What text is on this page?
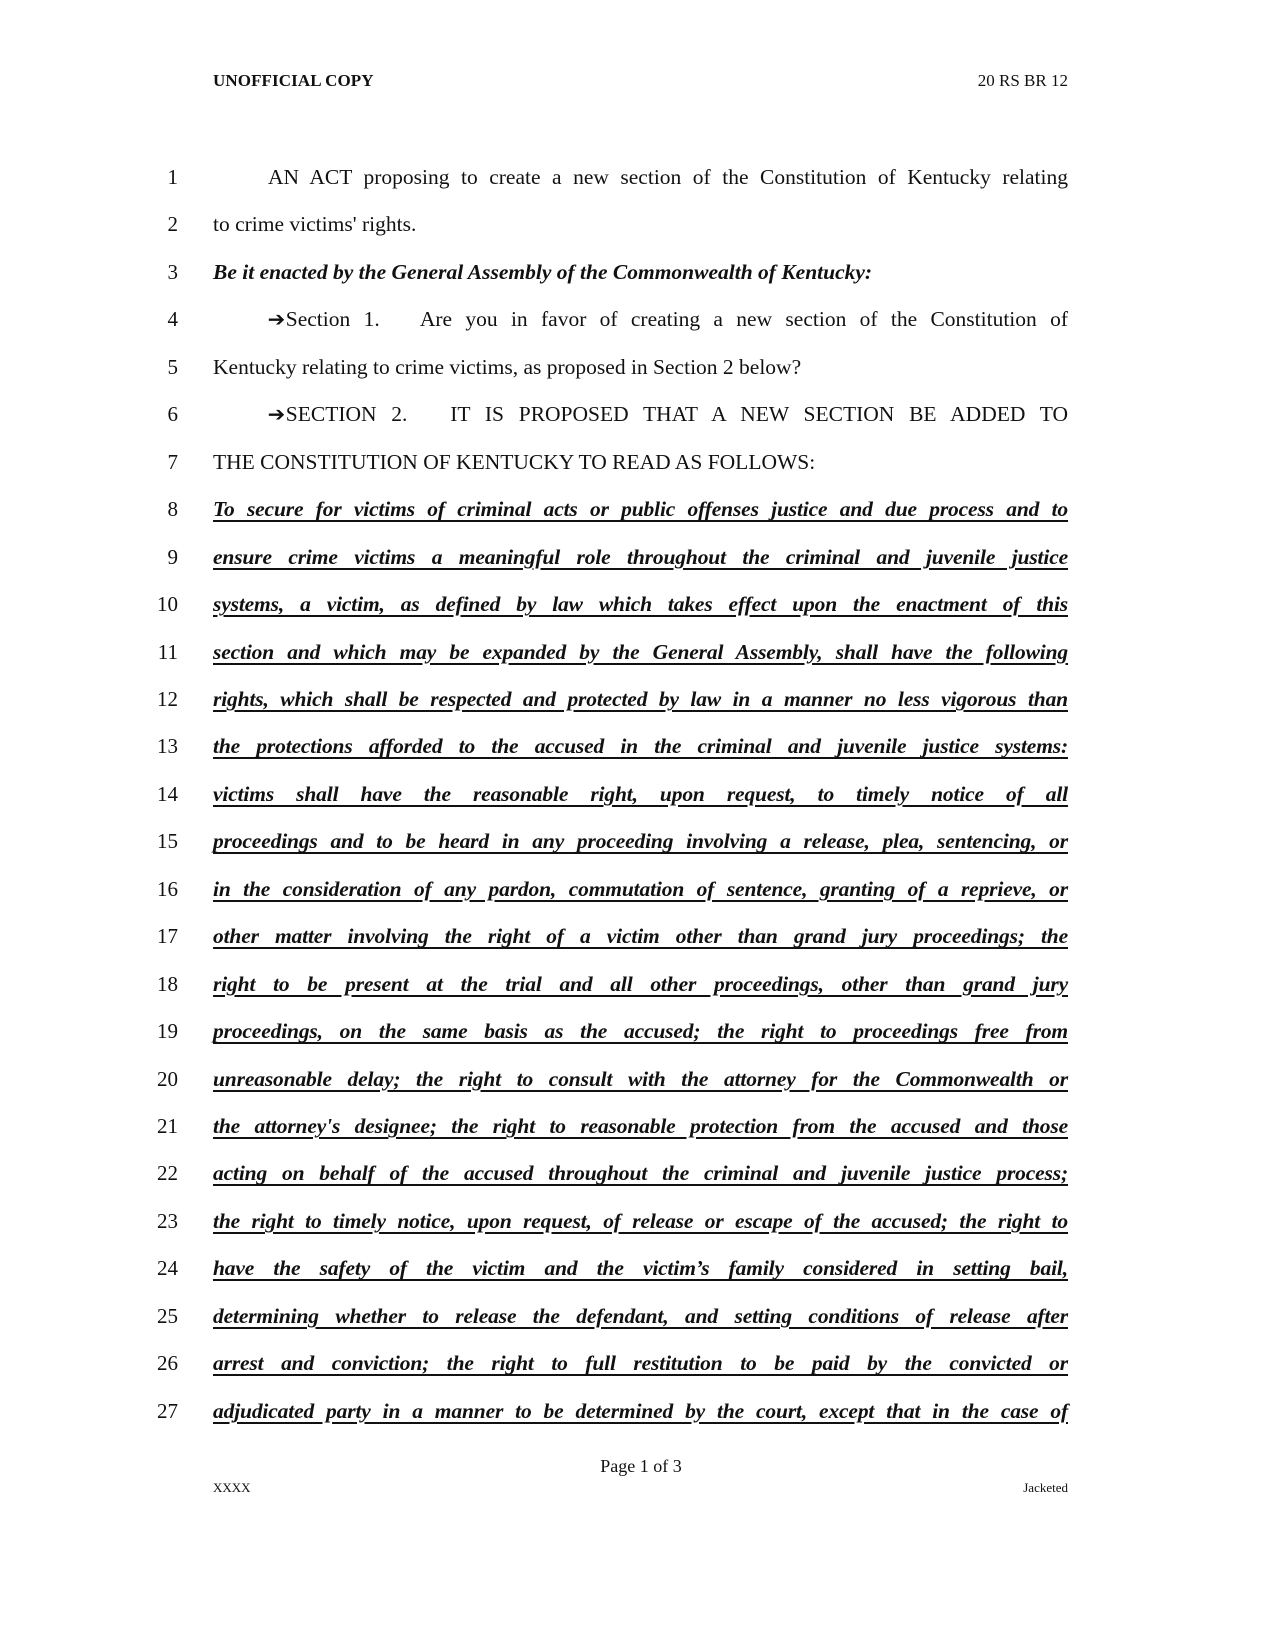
UNOFFICIAL COPY	20 RS BR 12
1	AN ACT proposing to create a new section of the Constitution of Kentucky relating
2 to crime victims' rights.
3 Be it enacted by the General Assembly of the Commonwealth of Kentucky:
4	➔Section 1. Are you in favor of creating a new section of the Constitution of
5 Kentucky relating to crime victims, as proposed in Section 2 below?
6	➔SECTION 2. IT IS PROPOSED THAT A NEW SECTION BE ADDED TO
7 THE CONSTITUTION OF KENTUCKY TO READ AS FOLLOWS:
8 To secure for victims of criminal acts or public offenses justice and due process and to
9 ensure crime victims a meaningful role throughout the criminal and juvenile justice
10 systems, a victim, as defined by law which takes effect upon the enactment of this
11 section and which may be expanded by the General Assembly, shall have the following
12 rights, which shall be respected and protected by law in a manner no less vigorous than
13 the protections afforded to the accused in the criminal and juvenile justice systems:
14 victims shall have the reasonable right, upon request, to timely notice of all
15 proceedings and to be heard in any proceeding involving a release, plea, sentencing, or
16 in the consideration of any pardon, commutation of sentence, granting of a reprieve, or
17 other matter involving the right of a victim other than grand jury proceedings; the
18 right to be present at the trial and all other proceedings, other than grand jury
19 proceedings, on the same basis as the accused; the right to proceedings free from
20 unreasonable delay; the right to consult with the attorney for the Commonwealth or
21 the attorney's designee; the right to reasonable protection from the accused and those
22 acting on behalf of the accused throughout the criminal and juvenile justice process;
23 the right to timely notice, upon request, of release or escape of the accused; the right to
24 have the safety of the victim and the victim’s family considered in setting bail,
25 determining whether to release the defendant, and setting conditions of release after
26 arrest and conviction; the right to full restitution to be paid by the convicted or
27 adjudicated party in a manner to be determined by the court, except that in the case of
Page 1 of 3
XXXX	Jacketed
